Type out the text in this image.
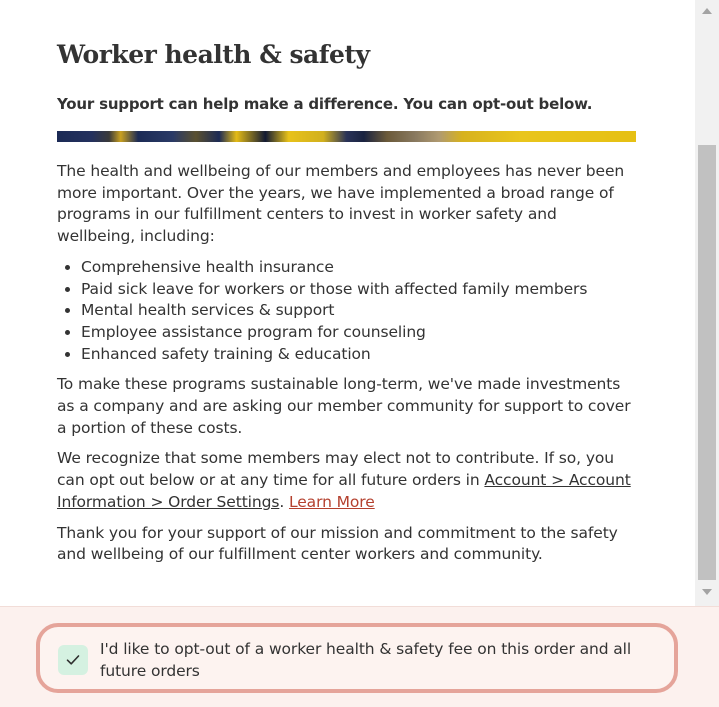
Worker health & safety
Your support can help make a difference. You can opt-out below.

The health and wellbeing of our members and employees has never been more important. Over the years, we have implemented a broad range of programs in our fulfillment centers to invest in worker safety and wellbeing, including:

• Comprehensive health insurance
• Paid sick leave for workers or those with affected family members
• Mental health services & support
• Employee assistance program for counseling
• Enhanced safety training & education

To make these programs sustainable long-term, we've made investments as a company and are asking our member community for support to cover a portion of these costs.

We recognize that some members may elect not to contribute. If so, you can opt out below or at any time for all future orders in Account > Account Information > Order Settings. Learn More

Thank you for your support of our mission and commitment to the safety and wellbeing of our fulfillment center workers and community.

I'd like to opt-out of a worker health & safety fee on this order and all future orders
